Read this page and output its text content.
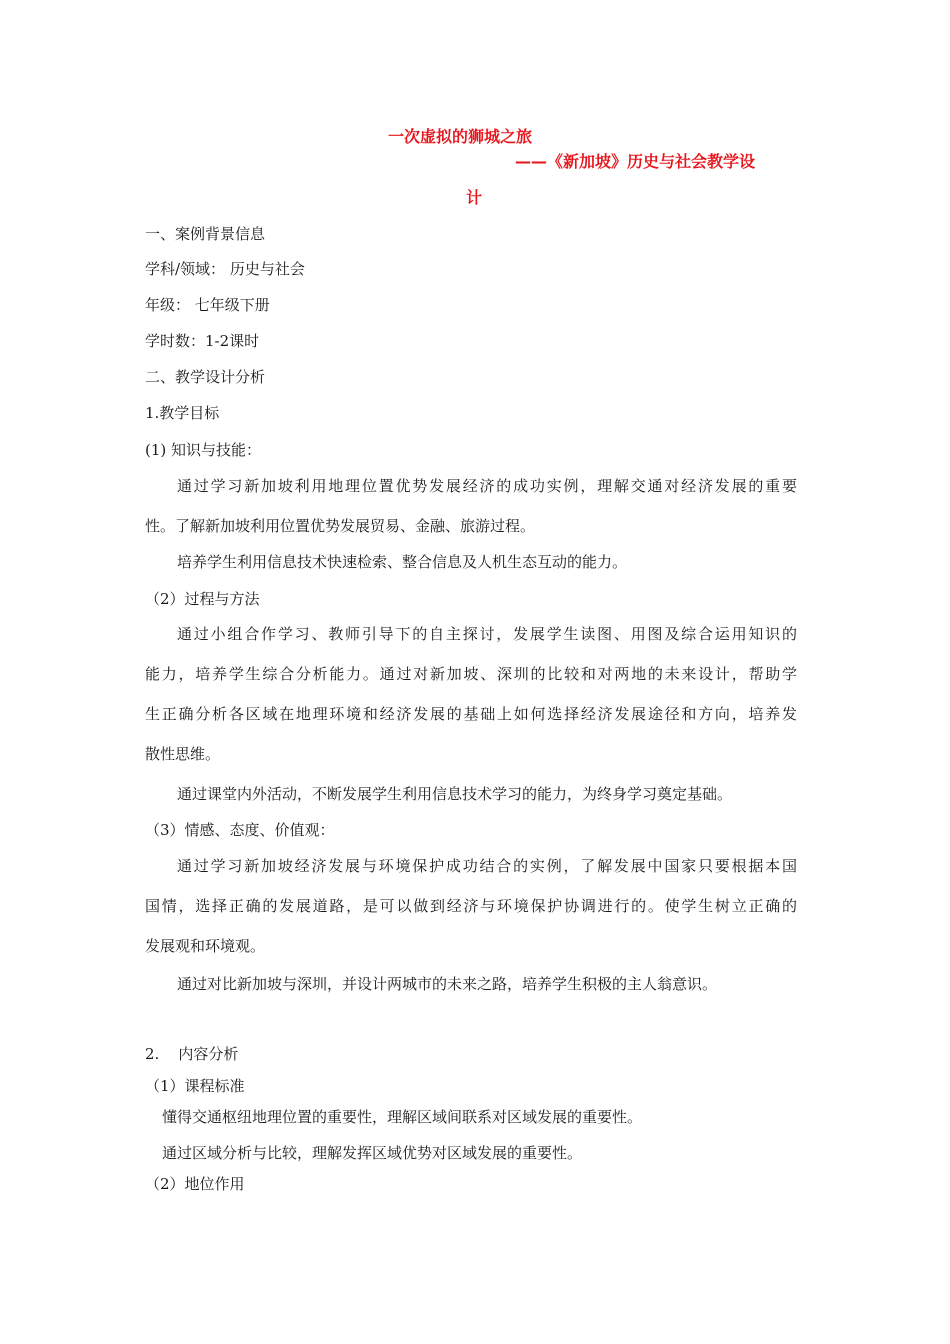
一次虚拟的狮城之旅

——《新加坡》历史与社会教学设

计

一、案例背景信息

学科/领域： 历史与社会

年级： 七年级下册

学时数：1-2课时

二、教学设计分析

1.教学目标

(1) 知识与技能：

通过学习新加坡利用地理位置优势发展经济的成功实例，理解交通对经济发展的重要

性。了解新加坡利用位置优势发展贸易、金融、旅游过程。

培养学生利用信息技术快速检索、整合信息及人机生态互动的能力。

（2）过程与方法

通过小组合作学习、教师引导下的自主探讨，发展学生读图、用图及综合运用知识的

能力，培养学生综合分析能力。通过对新加坡、深圳的比较和对两地的未来设计，帮助学

生正确分析各区域在地理环境和经济发展的基础上如何选择经济发展途径和方向，培养发

散性思维。

通过课堂内外活动，不断发展学生利用信息技术学习的能力，为终身学习奠定基础。

（3）情感、态度、价值观：

通过学习新加坡经济发展与环境保护成功结合的实例，了解发展中国家只要根据本国

国情，选择正确的发展道路，是可以做到经济与环境保护协调进行的。使学生树立正确的

发展观和环境观。

通过对比新加坡与深圳，并设计两城市的未来之路，培养学生积极的主人翁意识。

2.    内容分析

（1）课程标准

懂得交通枢纽地理位置的重要性，理解区域间联系对区域发展的重要性。

通过区域分析与比较，理解发挥区域优势对区域发展的重要性。

（2）地位作用
